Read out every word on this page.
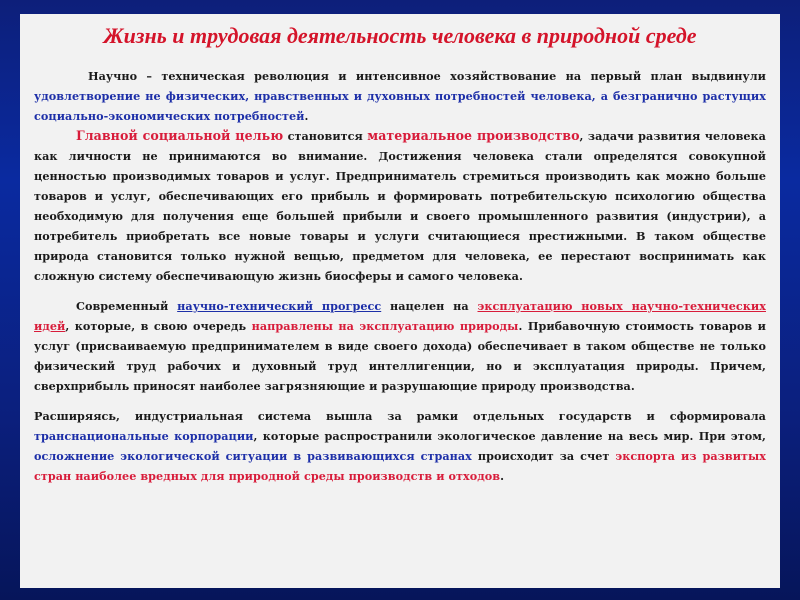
Жизнь и трудовая деятельность человека в природной среде

Научно – техническая революция и интенсивное хозяйствование на первый план выдвинули удовлетворение не физических, нравственных и духовных потребностей человека, а безгранично растущих социально-экономических потребностей.

Главной социальной целью становится материальное производство, задачи развития человека как личности не принимаются во внимание. Достижения человека стали определятся совокупной ценностью производимых товаров и услуг. Предприниматель стремиться производить как можно больше товаров и услуг, обеспечивающих его прибыль и формировать потребительскую психологию общества необходимую для получения еще большей прибыли и своего промышленного развития (индустрии), а потребитель приобретать все новые товары и услуги считающиеся престижными. В таком обществе природа становится только нужной вещью, предметом для человека, ее перестают воспринимать как сложную систему обеспечивающую жизнь биосферы и самого человека.

Современный научно-технический прогресс нацелен на эксплуатацию новых научно-технических идей, которые, в свою очередь направлены на эксплуатацию природы. Прибавочную стоимость товаров и услуг (присваиваемую предпринимателем в виде своего дохода) обеспечивает в таком обществе не только физический труд рабочих и духовный труд интеллигенции, но и эксплуатация природы. Причем, сверхприбыль приносят наиболее загрязняющие и разрушающие природу производства.

Расширяясь, индустриальная система вышла за рамки отдельных государств и сформировала транснациональные корпорации, которые распространили экологическое давление на весь мир. При этом, осложнение экологической ситуации в развивающихся странах происходит за счет экспорта из развитых стран наиболее вредных для природной среды производств и отходов.
